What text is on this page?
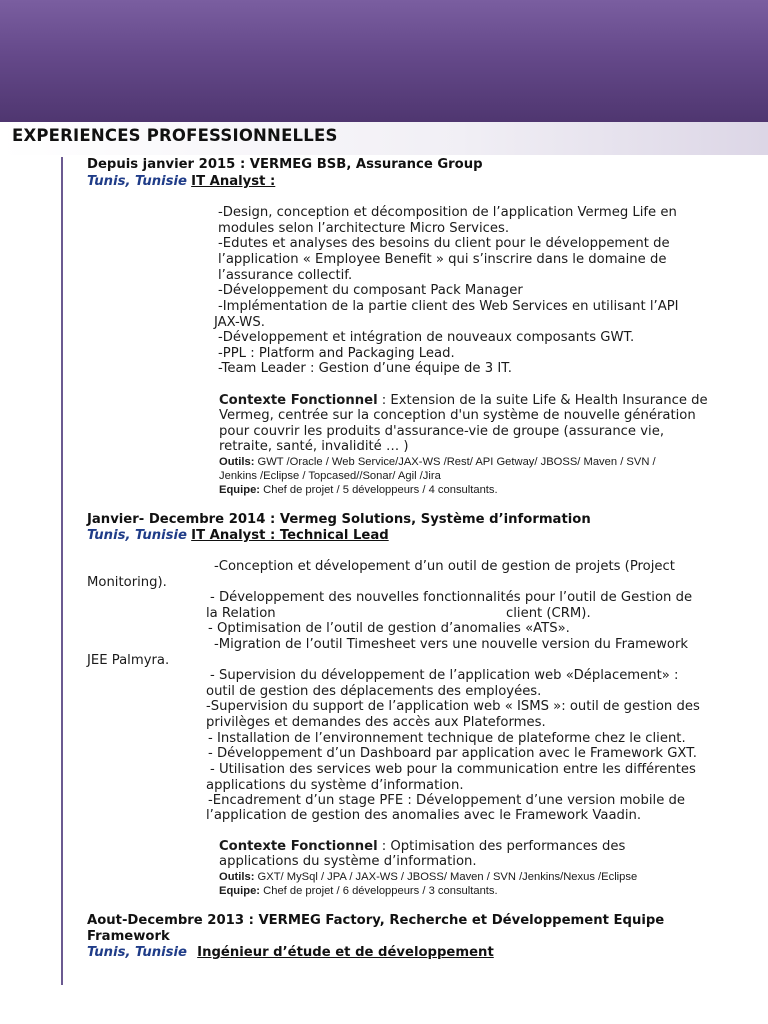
EXPERIENCES PROFESSIONNELLES
Depuis janvier 2015 : VERMEG BSB, Assurance Group
Tunis, Tunisie IT Analyst :
-Design, conception et décomposition de l’application Vermeg Life en
modules selon l’architecture Micro Services.
-Edutes et analyses des besoins du client pour le développement de
l’application « Employee Benefit » qui s’inscrire dans le domaine de
l’assurance collectif.
-Développement du composant Pack Manager
-Implémentation de la partie client des Web Services en utilisant l’API
JAX-WS.
-Développement et intégration de nouveaux composants GWT.
-PPL : Platform and Packaging Lead.
-Team Leader : Gestion d’une équipe de 3 IT.
Contexte Fonctionnel : Extension de la suite Life & Health Insurance de
Vermeg, centrée sur la conception d'un système de nouvelle génération
pour couvrir les produits d'assurance-vie de groupe (assurance vie,
retraite, santé, invalidité … )
Outils: GWT /Oracle / Web Service/JAX-WS /Rest/ API Getway/ JBOSS/ Maven / SVN /
Jenkins /Eclipse / Topcased//Sonar/ Agil /Jira
Equipe: Chef de projet / 5 développeurs / 4 consultants.
Janvier- Decembre 2014 : Vermeg Solutions, Système d’information
Tunis, Tunisie IT Analyst : Technical Lead
-Conception et dévelopement d’un outil de gestion de projets (Project
Monitoring).
- Développement des nouvelles fonctionnalités pour l’outil de Gestion de
la Relation	client (CRM).
- Optimisation de l’outil de gestion d’anomalies «ATS».
-Migration de l’outil Timesheet vers une nouvelle version du Framework
JEE Palmyra.
- Supervision du développement de l’application web «Déplacement» :
outil de gestion des déplacements des employées.
-Supervision du support de l’application web « ISMS »: outil de gestion des
privilèges et demandes des accès aux Plateformes.
- Installation de l’environnement technique de plateforme chez le client.
- Développement d’un Dashboard par application avec le Framework GXT.
- Utilisation des services web pour la communication entre les différentes
applications du système d’information.
-Encadrement d’un stage PFE : Développement d’une version mobile de
l’application de gestion des anomalies avec le Framework Vaadin.
Contexte Fonctionnel : Optimisation des performances des
applications du système d’information.
Outils: GXT/ MySql / JPA / JAX-WS / JBOSS/ Maven / SVN /Jenkins/Nexus /Eclipse
Equipe: Chef de projet / 6 développeurs / 3 consultants.
Aout-Decembre 2013 : VERMEG Factory, Recherche et Développement Equipe
Framework
Tunis, Tunisie Ingénieur d’étude et de développement
